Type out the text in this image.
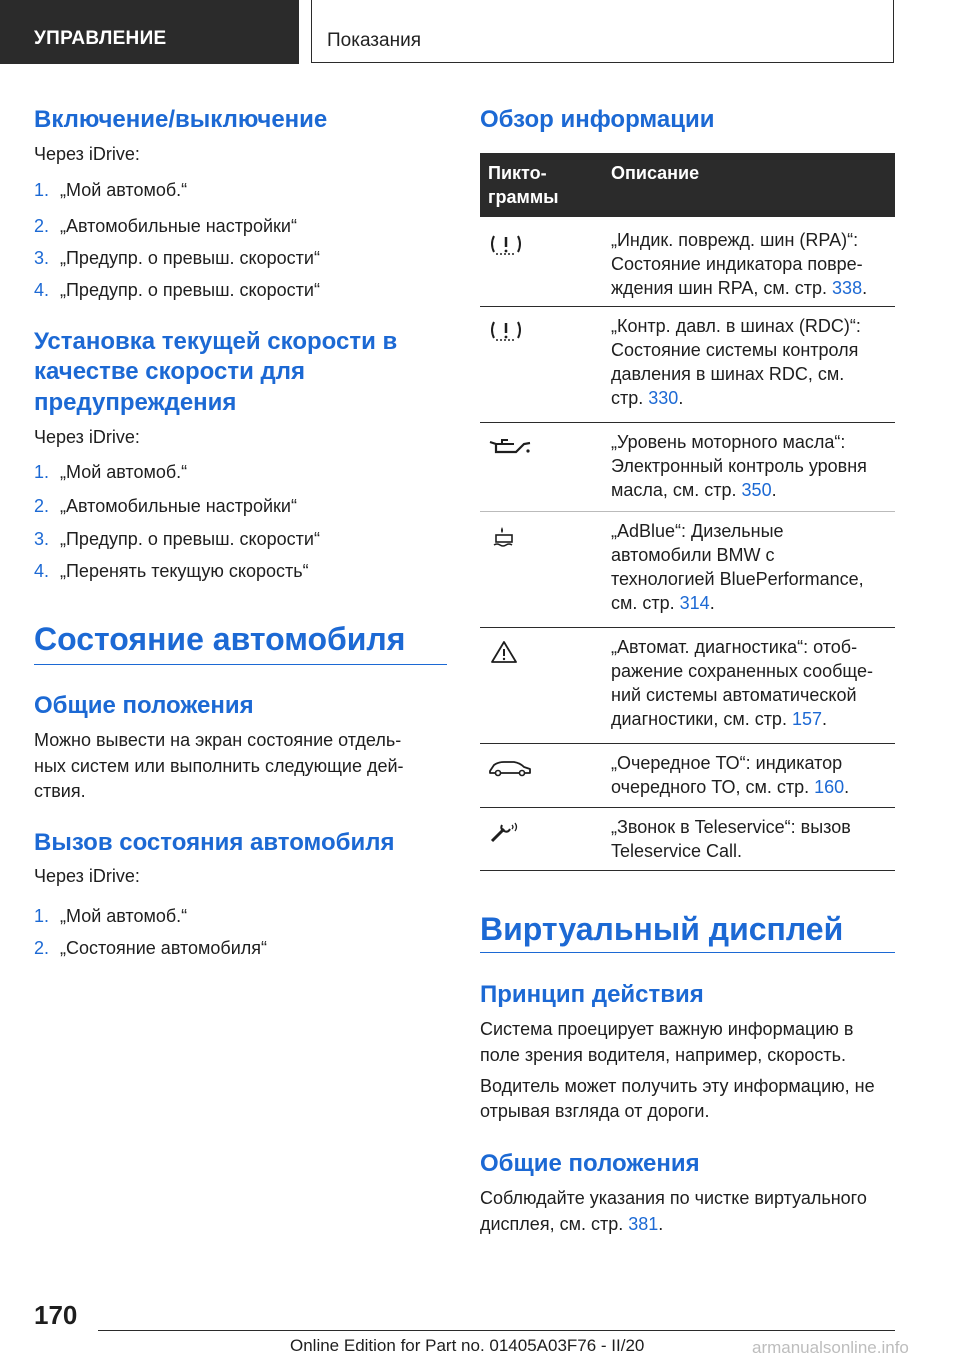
УПРАВЛЕНИЕ	Показания
Включение/выключение
Через iDrive:
1. „Мой автомоб.“
2. „Автомобильные настройки“
3. „Предупр. о превыш. скорости“
4. „Предупр. о превыш. скорости“
Установка текущей скорости в
качестве скорости для
предупреждения
Через iDrive:
1. „Мой автомоб.“
2. „Автомобильные настройки“
3. „Предупр. о превыш. скорости“
4. „Перенять текущую скорость“
Состояние автомобиля
Общие положения
Можно вывести на экран состояние отдель-
ных систем или выполнить следующие дей-
ствия.
Вызов состояния автомобиля
Через iDrive:
1. „Мой автомоб.“
2. „Состояние автомобиля“
Обзор информации
Пикто-
граммы
Описание
„Индик. поврежд. шин (RPA)“:
Состояние индикатора повре-
ждения шин RPA, см. стр. 338.
„Контр. давл. в шинах (RDC)“:
Состояние системы контроля
давления в шинах RDC, см.
стр. 330.
„Уровень моторного масла“:
Электронный контроль уровня
масла, см. стр. 350.
„AdBlue“: Дизельные
автомобили BMW с
технологией BluePerformance,
см. стр. 314.
„Автомат. диагностика“: отоб-
ражение сохраненных сообще-
ний системы автоматической
диагностики, см. стр. 157.
„Очередное ТО“: индикатор
очередного ТО, см. стр. 160.
„Звонок в Teleservice“: вызов
Teleservice Call.
Виртуальный дисплей
Принцип действия
Система проецирует важную информацию в
поле зрения водителя, например, скорость.
Водитель может получить эту информацию, не
отрывая взгляда от дороги.
Общие положения
Соблюдайте указания по чистке виртуального
дисплея, см. стр. 381.
170
Online Edition for Part no. 01405A03F76 - II/20	armanualsonline.info
